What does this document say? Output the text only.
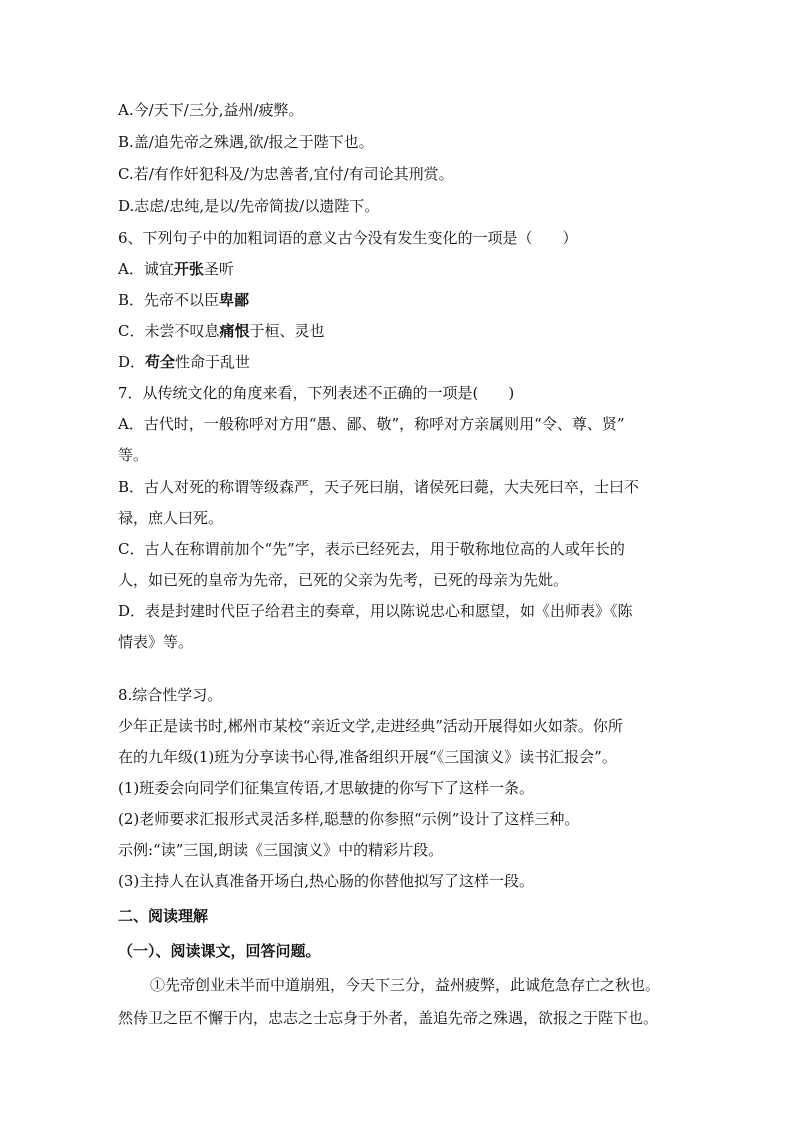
A.今/天下/三分,益州/疲弊。
B.盖/追先帝之殊遇,欲/报之于陛下也。
C.若/有作奸犯科及/为忠善者,宜付/有司论其刑赏。
D.志虑/忠纯,是以/先帝简拔/以遗陛下。
6、下列句子中的加粗词语的意义古今没有发生变化的一项是（　　）
A．诚宜开张圣听
B．先帝不以臣卑鄙
C．未尝不叹息痛恨于桓、灵也
D．苟全性命于乱世
7．从传统文化的角度来看，下列表述不正确的一项是(　　)
A．古代时，一般称呼对方用“愚、鄙、敬”，称呼对方亲属则用“令、尊、贤”
等。
B．古人对死的称谓等级森严，天子死曰崩，诸侯死曰薨，大夫死曰卒，士曰不
禄，庶人曰死。
C．古人在称谓前加个“先”字，表示已经死去，用于敬称地位高的人或年长的
人，如已死的皇帝为先帝，已死的父亲为先考，已死的母亲为先妣。
D．表是封建时代臣子给君主的奏章，用以陈说忠心和愿望，如《出师表》《陈
情表》等。
8.综合性学习。
少年正是读书时,郴州市某校“亲近文学,走进经典”活动开展得如火如荼。你所
在的九年级(1)班为分享读书心得,准备组织开展“《三国演义》读书汇报会”。
(1)班委会向同学们征集宣传语,才思敏捷的你写下了这样一条。
(2)老师要求汇报形式灵活多样,聪慧的你参照“示例”设计了这样三种。
示例:“读”三国,朗读《三国演义》中的精彩片段。
(3)主持人在认真准备开场白,热心肠的你替他拟写了这样一段。
二、阅读理解
（一）、阅读课文，回答问题。
①先帝创业未半而中道崩殂，今天下三分，益州疲弊，此诚危急存亡之秋也。
然侍卫之臣不懈于内，忠志之士忘身于外者，盖追先帝之殊遇，欲报之于陛下也。
